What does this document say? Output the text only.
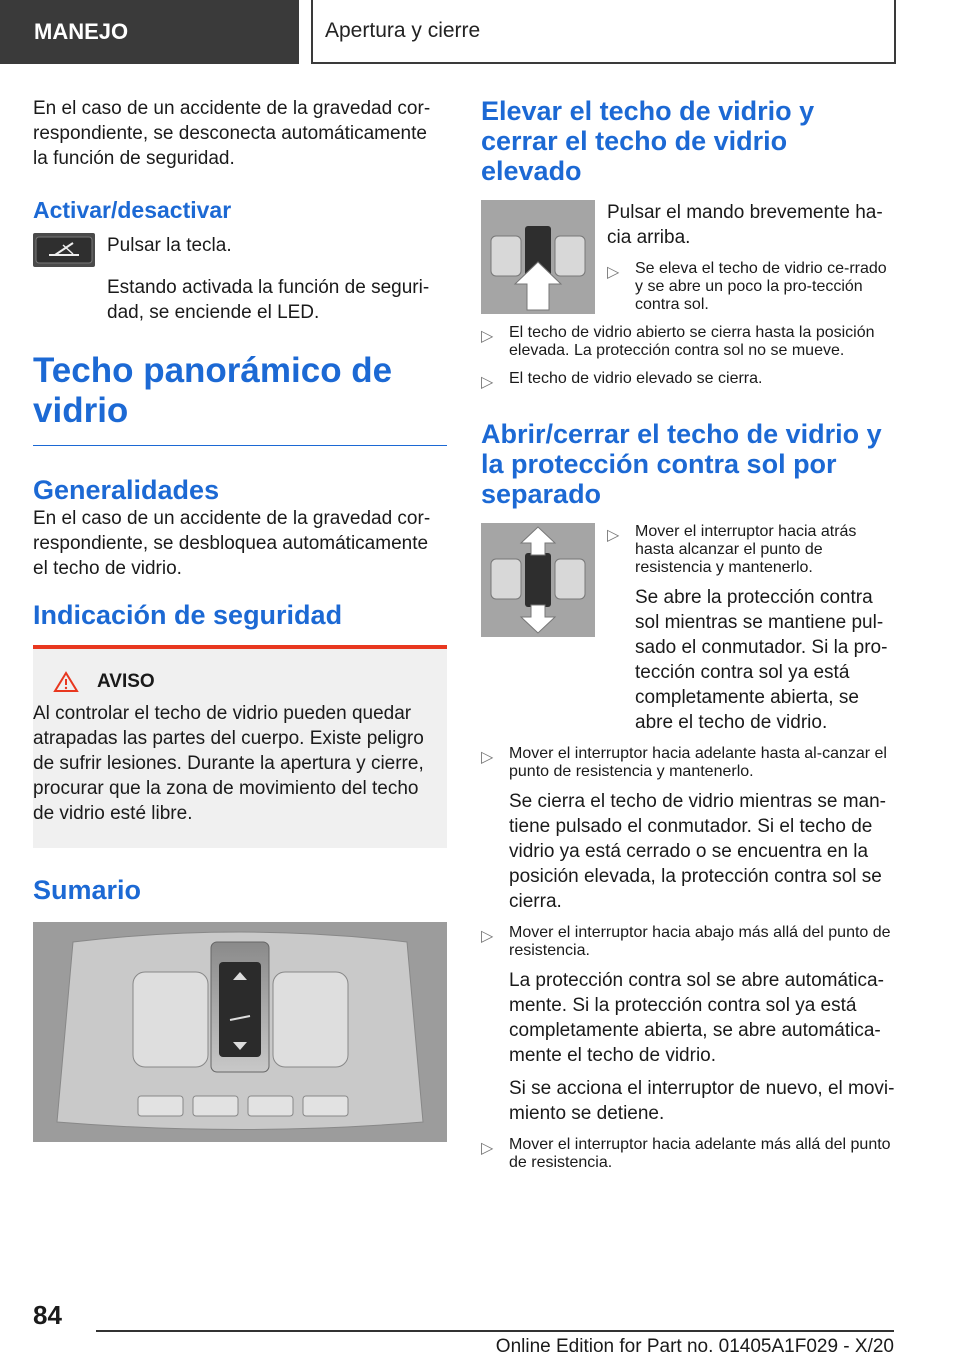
MANEJO	Apertura y cierre

En el caso de un accidente de la gravedad cor-respondiente, se desconecta automáticamente la función de seguridad.

Activar/desactivar

Pulsar la tecla.

Estando activada la función de seguri-dad, se enciende el LED.

Techo panorámico de vidrio
Generalidades

En el caso de un accidente de la gravedad cor-respondiente, se desbloquea automáticamente el techo de vidrio.

Indicación de seguridad
AVISO
Al controlar el techo de vidrio pueden quedar atrapadas las partes del cuerpo. Existe peligro de sufrir lesiones. Durante la apertura y cierre, procurar que la zona de movimiento del techo de vidrio esté libre.
Sumario
Elevar el techo de vidrio y cerrar el techo de vidrio elevado

Pulsar el mando brevemente ha-cia arriba.

▷ Se eleva el techo de vidrio ce-rrado y se abre un poco la pro-tección contra sol.
▷ El techo de vidrio abierto se cierra hasta la posición elevada. La protección contra sol no se mueve.
▷ El techo de vidrio elevado se cierra.
Abrir/cerrar el techo de vidrio y la protección contra sol por separado
▷ Mover el interruptor hacia atrás hasta alcanzar el punto de resistencia y mantenerlo.

Se abre la protección contra sol mientras se mantiene pul-sado el conmutador. Si la pro-tección contra sol ya está completamente abierta, se abre el techo de vidrio.

▷ Mover el interruptor hacia adelante hasta al-canzar el punto de resistencia y mantenerlo.

Se cierra el techo de vidrio mientras se man-tiene pulsado el conmutador. Si el techo de vidrio ya está cerrado o se encuentra en la posición elevada, la protección contra sol se cierra.

▷ Mover el interruptor hacia abajo más allá del punto de resistencia.

La protección contra sol se abre automática-mente. Si la protección contra sol ya está completamente abierta, se abre automática-mente el techo de vidrio.

Si se acciona el interruptor de nuevo, el movi-miento se detiene.

▷ Mover el interruptor hacia adelante más allá del punto de resistencia.
84
Online Edition for Part no. 01405A1F029 - X/20
